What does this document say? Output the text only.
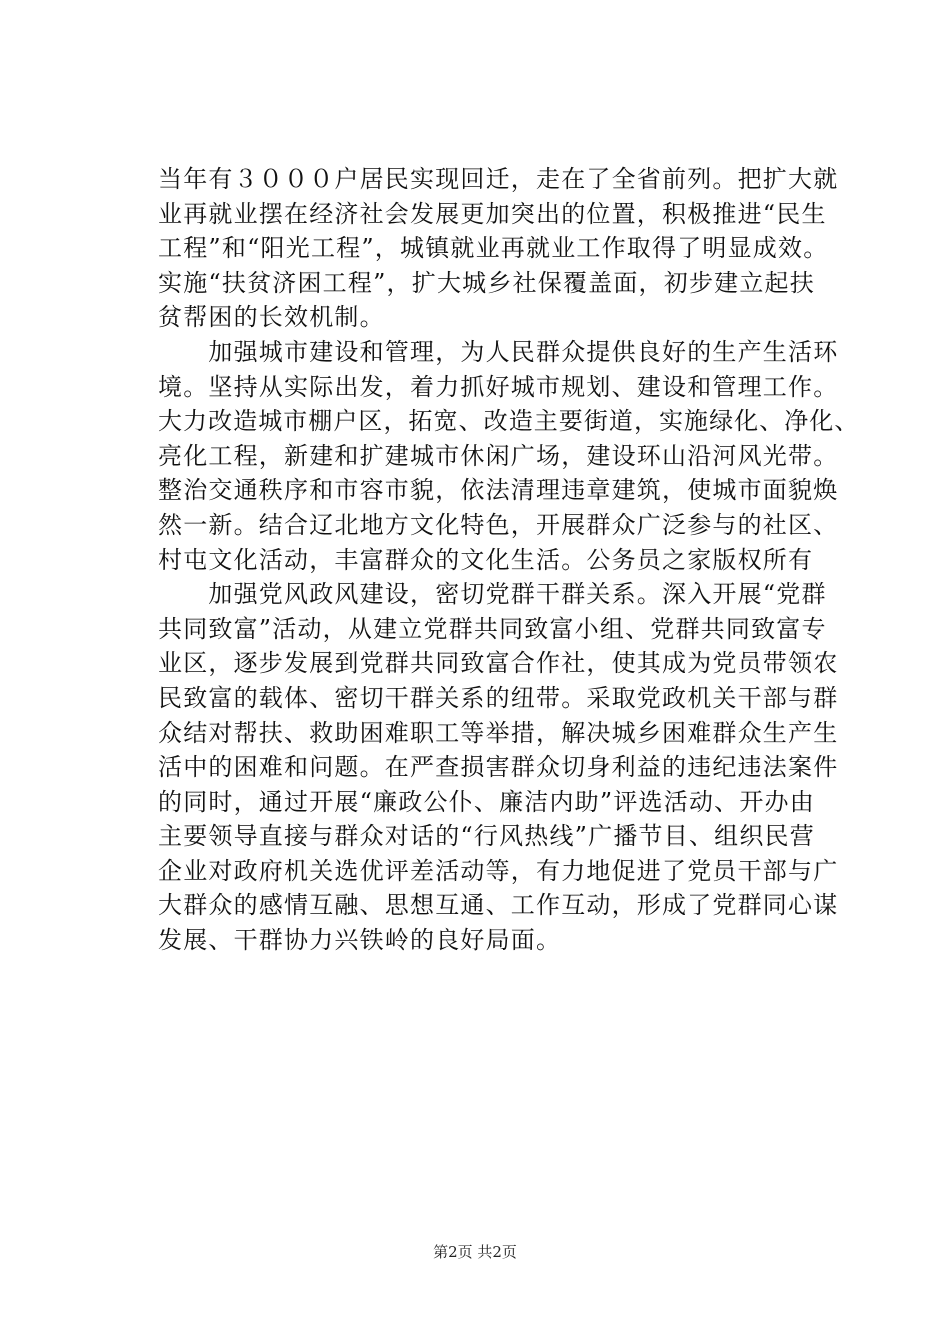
当年有３０００户居民实现回迁，走在了全省前列。把扩大就
业再就业摆在经济社会发展更加突出的位置，积极推进“民生
工程”和“阳光工程”，城镇就业再就业工作取得了明显成效。
实施“扶贫济困工程”，扩大城乡社保覆盖面，初步建立起扶
贫帮困的长效机制。
　　加强城市建设和管理，为人民群众提供良好的生产生活环
境。坚持从实际出发，着力抓好城市规划、建设和管理工作。
大力改造城市棚户区，拓宽、改造主要街道，实施绿化、净化、
亮化工程，新建和扩建城市休闲广场，建设环山沿河风光带。
整治交通秩序和市容市貌，依法清理违章建筑，使城市面貌焕
然一新。结合辽北地方文化特色，开展群众广泛参与的社区、
村屯文化活动，丰富群众的文化生活。公务员之家版权所有
　　加强党风政风建设，密切党群干群关系。深入开展“党群
共同致富”活动，从建立党群共同致富小组、党群共同致富专
业区，逐步发展到党群共同致富合作社，使其成为党员带领农
民致富的载体、密切干群关系的纽带。采取党政机关干部与群
众结对帮扶、救助困难职工等举措，解决城乡困难群众生产生
活中的困难和问题。在严查损害群众切身利益的违纪违法案件
的同时，通过开展“廉政公仆、廉洁内助”评选活动、开办由
主要领导直接与群众对话的“行风热线”广播节目、组织民营
企业对政府机关选优评差活动等，有力地促进了党员干部与广
大群众的感情互融、思想互通、工作互动，形成了党群同心谋
发展、干群协力兴铁岭的良好局面。
第2页 共2页
